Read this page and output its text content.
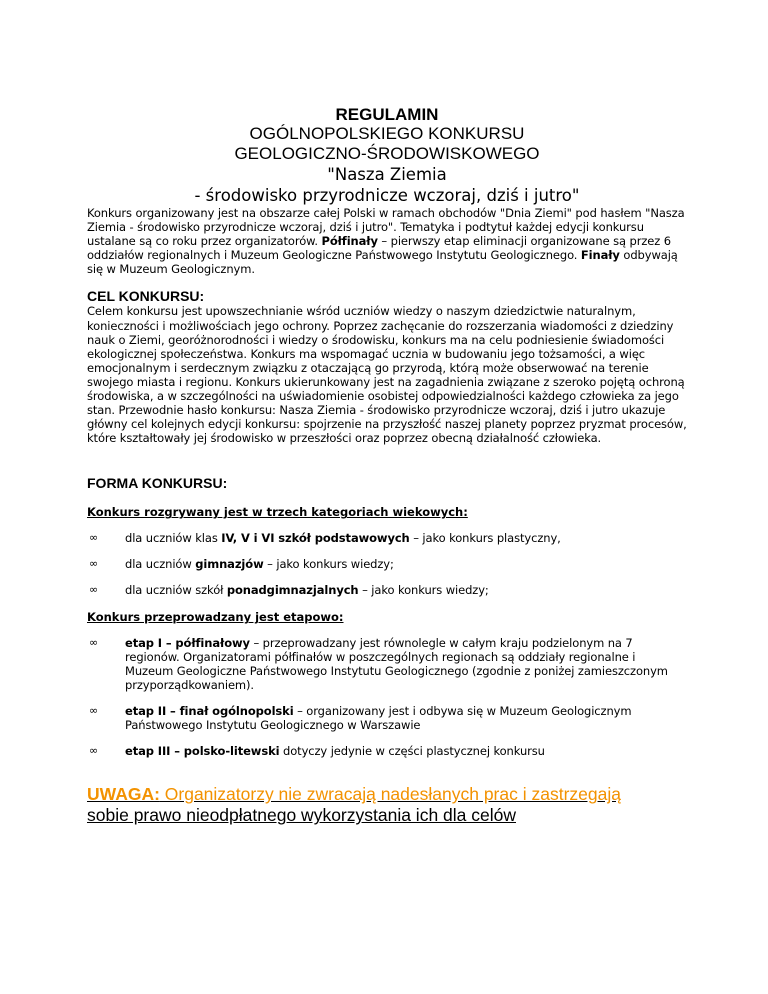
REGULAMIN
OGÓLNOPOLSKIEGO KONKURSU
GEOLOGICZNO-ŚRODOWISKOWEGO
"Nasza Ziemia
- środowisko przyrodnicze wczoraj, dziś i jutro"

Konkurs organizowany jest na obszarze całej Polski w ramach obchodów "Dnia Ziemi" pod hasłem "Nasza Ziemia - środowisko przyrodnicze wczoraj, dziś i jutro". Tematyka i podtytuł każdej edycji konkursu ustalane są co roku przez organizatorów. Półfinały – pierwszy etap eliminacji organizowane są przez 6 oddziałów regionalnych i Muzeum Geologiczne Państwowego Instytutu Geologicznego. Finały odbywają się w Muzeum Geologicznym.

CEL KONKURSU:

Celem konkursu jest upowszechnianie wśród uczniów wiedzy o naszym dziedzictwie naturalnym, konieczności i możliwościach jego ochrony. Poprzez zachęcanie do rozszerzania wiadomości z dziedziny nauk o Ziemi, georóżnorodności i wiedzy o środowisku, konkurs ma na celu podniesienie świadomości ekologicznej społeczeństwa. Konkurs ma wspomagać ucznia w budowaniu jego tożsamości, a więc emocjonalnym i serdecznym związku z otaczającą go przyrodą, którą może obserwować na terenie swojego miasta i regionu. Konkurs ukierunkowany jest na zagadnienia związane z szeroko pojętą ochroną środowiska, a w szczególności na uświadomienie osobistej odpowiedzialności każdego człowieka za jego stan. Przewodnie hasło konkursu: Nasza Ziemia - środowisko przyrodnicze wczoraj, dziś i jutro ukazuje główny cel kolejnych edycji konkursu: spojrzenie na przyszłość naszej planety poprzez pryzmat procesów, które kształtowały jej środowisko w przeszłości oraz poprzez obecną działalność człowieka.

FORMA KONKURSU:

Konkurs rozgrywany jest w trzech kategoriach wiekowych:

∞ dla uczniów klas IV, V i VI szkół podstawowych – jako konkurs plastyczny,
∞ dla uczniów gimnazjów – jako konkurs wiedzy;
∞ dla uczniów szkół ponadgimnazjalnych – jako konkurs wiedzy;

Konkurs przeprowadzany jest etapowo:

∞ etap I – półfinałowy – przeprowadzany jest równolegle w całym kraju podzielonym na 7 regionów. Organizatorami półfinałów w poszczególnych regionach są oddziały regionalne i Muzeum Geologiczne Państwowego Instytutu Geologicznego (zgodnie z poniżej zamieszczonym przyporządkowaniem).
∞ etap II – finał ogólnopolski – organizowany jest i odbywa się w Muzeum Geologicznym Państwowego Instytutu Geologicznego w Warszawie
∞ etap III – polsko-litewski dotyczy jedynie w części plastycznej konkursu
UWAGA: Organizatorzy nie zwracają nadesłanych prac i zastrzegają
sobie prawo nieodpłatnego wykorzystania ich dla celów
